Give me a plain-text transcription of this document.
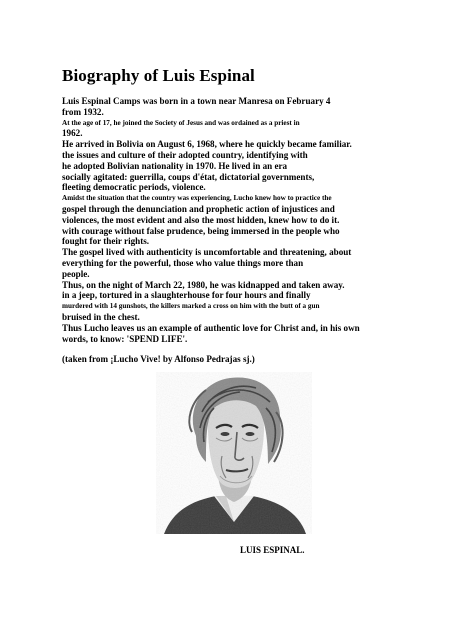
Biography of Luis Espinal
Luis Espinal Camps was born in a town near Manresa on February 4
from 1932.
At the age of 17, he joined the Society of Jesus and was ordained as a priest in
1962.
He arrived in Bolivia on August 6, 1968, where he quickly became familiar.
the issues and culture of their adopted country, identifying with
he adopted Bolivian nationality in 1970. He lived in an era
socially agitated: guerrilla, coups d'état, dictatorial governments,
fleeting democratic periods, violence.
Amidst the situation that the country was experiencing, Lucho knew how to practice the
gospel through the denunciation and prophetic action of injustices and
violences, the most evident and also the most hidden, knew how to do it.
with courage without false prudence, being immersed in the people who
fought for their rights.
The gospel lived with authenticity is uncomfortable and threatening, about
everything for the powerful, those who value things more than
people.
Thus, on the night of March 22, 1980, he was kidnapped and taken away.
in a jeep, tortured in a slaughterhouse for four hours and finally
murdered with 14 gunshots, the killers marked a cross on him with the butt of a gun
bruised in the chest.
Thus Lucho leaves us an example of authentic love for Christ and, in his own
words, to know: 'SPEND LIFE'.
(taken from ¡Lucho Vive! by Alfonso Pedrajas sj.)
LUIS ESPINAL.
